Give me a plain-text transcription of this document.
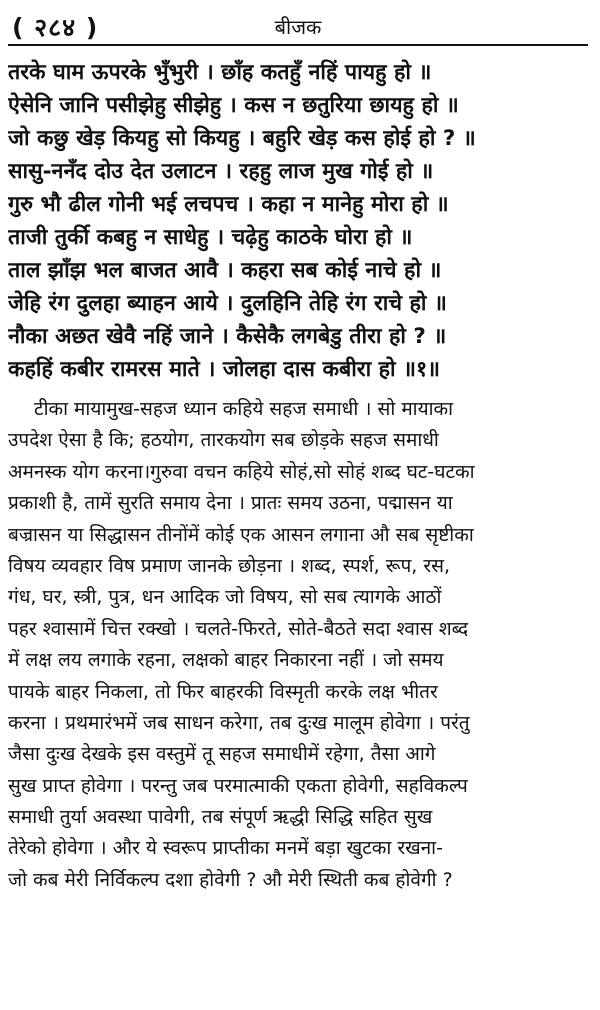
( २८४ )	बीजक
तरके घाम ऊपरके भुँभुरी । छाँह कतहुँ नहिं पायहु हो ॥
ऐसेनि जानि पसीझेहु सीझेहु । कस न छतुरिया छायहु हो ॥
जो कछु खेड़ कियहु सो कियहु । बहुरि खेड़ कस होई हो ? ॥
सासु-ननँद दोउ देत उलाटन । रहहु लाज मुख गोई हो ॥
गुरु भौ ढील गोनी भई लचपच । कहा न मानेहु मोरा हो ॥
ताजी तुर्की कबहु न साधेहु । चढ़ेहु काठके घोरा हो ॥
ताल झाँझ भल बाजत आवै । कहरा सब कोई नाचे हो ॥
जेहि रंग दुलहा ब्याहन आये । दुलहिनि तेहि रंग राचे हो ॥
नौका अछत खेवै नहिं जाने । कैसेकै लगबेडु तीरा हो ? ॥
कहहिं कबीर रामरस माते । जोलहा दास कबीरा हो ॥१॥
टीका मायामुख-सहज ध्यान कहिये सहज समाधी । सो मायाका
उपदेश ऐसा है कि; हठयोग, तारकयोग सब छोड़के सहज समाधी
अमनस्क योग करना।गुरुवा वचन कहिये सोहं,सो सोहं शब्द घट-घटका
प्रकाशी है, तामें सुरति समाय देना । प्रातः समय उठना, पद्मासन या
बज्रासन या सिद्धासन तीनोंमें कोई एक आसन लगाना औ सब सृष्टीका
विषय व्यवहार विष प्रमाण जानके छोड़ना । शब्द, स्पर्श, रूप, रस,
गंध, घर, स्त्री, पुत्र, धन आदिक जो विषय, सो सब त्यागके आठों
पहर श्वासामें चित्त रक्खो । चलते-फिरते, सोते-बैठते सदा श्वास शब्द
में लक्ष लय लगाके रहना, लक्षको बाहर निकारना नहीं । जो समय
पायके बाहर निकला, तो फिर बाहरकी विस्मृती करके लक्ष भीतर
करना । प्रथमारंभमें जब साधन करेगा, तब दुःख मालूम होवेगा । परंतु
जैसा दुःख देखके इस वस्तुमें तू सहज समाधीमें रहेगा, तैसा आगे
सुख प्राप्त होवेगा । परन्तु जब परमात्माकी एकता होवेगी, सहविकल्प
समाधी तुर्या अवस्था पावेगी, तब संपूर्ण ऋद्धी सिद्धि सहित सुख
तेरेको होवेगा । और ये स्वरूप प्राप्तीका मनमें बड़ा खुटका रखना-
जो कब मेरी निर्विकल्प दशा होवेगी ? औ मेरी स्थिती कब होवेगी ?
